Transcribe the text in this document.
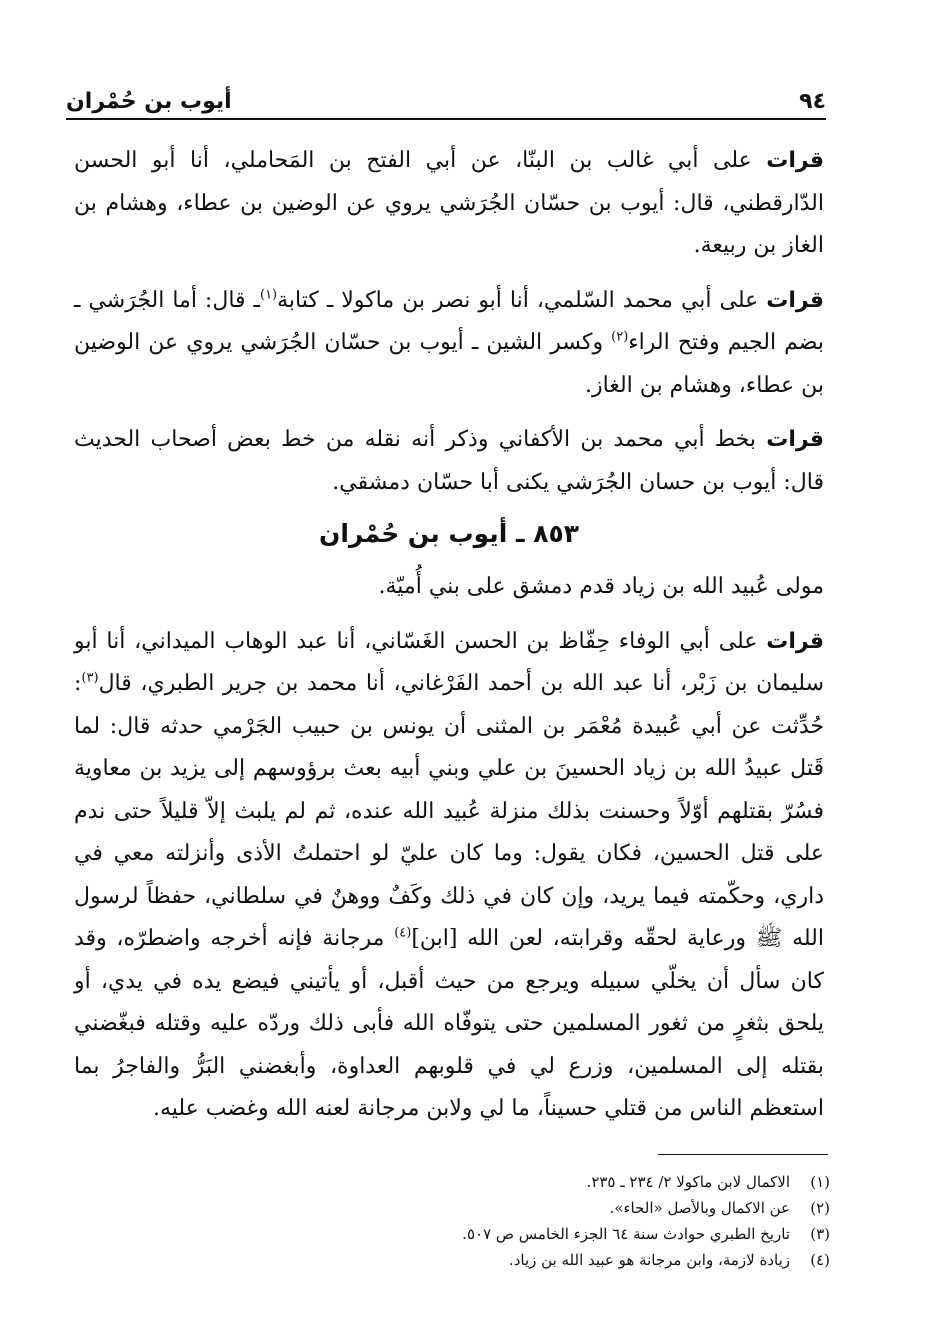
٩٤
أيوب بن حُمْران

قرات على أبي غالب بن البنّا، عن أبي الفتح بن المَحاملي، أنا أبو الحسن الدّارقطني، قال: أيوب بن حسّان الجُرَشي يروي عن الوضين بن عطاء، وهشام بن الغاز بن ربيعة.

قرات على أبي محمد السّلمي، أنا أبو نصر بن ماكولا ـ كتابة$^{(١)}$ـ قال: أما الجُرَشي ـ بضم الجيم وفتح الراء$^{(٢)}$ وكسر الشين ـ أيوب بن حسّان الجُرَشي يروي عن الوضين بن عطاء، وهشام بن الغاز.

قرات بخط أبي محمد بن الأكفاني وذكر أنه نقله من خط بعض أصحاب الحديث قال: أيوب بن حسان الجُرَشي يكنى أبا حسّان دمشقي.

٨٥٣ ـ أيوب بن حُمْران

مولى عُبيد الله بن زياد قدم دمشق على بني أُميّة.

قرات على أبي الوفاء حِفّاظ بن الحسن الغَسّاني، أنا عبد الوهاب الميداني، أنا أبو سليمان بن زَبْر، أنا عبد الله بن أحمد الفَرْغاني، أنا محمد بن جرير الطبري، قال$^{(٣)}$: حُدِّثت عن أبي عُبيدة مُعْمَر بن المثنى أن يونس بن حبيب الجَرْمي حدثه قال: لما قَتل عبيدُ الله بن زياد الحسينَ بن علي وبني أبيه بعث برؤوسهم إلى يزيد بن معاوية فسُرّ بقتلهم أوّلاً وحسنت بذلك منزلة عُبيد الله عنده، ثم لم يلبث إلاّ قليلاً حتى ندم على قتل الحسين، فكان يقول: وما كان عليّ لو احتملتُ الأذى وأنزلته معي في داري، وحكّمته فيما يريد، وإن كان في ذلك وكَفٌ ووهنٌ في سلطاني، حفظاً لرسول الله ﷺ ورعاية لحقّه وقرابته، لعن الله [ابن]$^{(٤)}$ مرجانة فإنه أخرجه واضطرّه، وقد كان سأل أن يخلّي سبيله ويرجع من حيث أقبل، أو يأتيني فيضع يده في يدي، أو يلحق بثغرٍ من ثغور المسلمين حتى يتوفّاه الله فأبى ذلك وردّه عليه وقتله فبغّضني بقتله إلى المسلمين، وزرع لي في قلوبهم العداوة، وأبغضني البَرُّ والفاجرُ بما استعظم الناس من قتلي حسيناً، ما لي ولابن مرجانة لعنه الله وغضب عليه.

(١)
الاكمال لابن ماكولا ٢/ ٢٣٤ ـ ٢٣٥.
(٢)
عن الاكمال وبالأصل «الحاء».
(٣)
تاريخ الطبري حوادث سنة ٦٤ الجزء الخامس ص ٥٠٧.
(٤)
زيادة لازمة، وابن مرجانة هو عبيد الله بن زياد.
